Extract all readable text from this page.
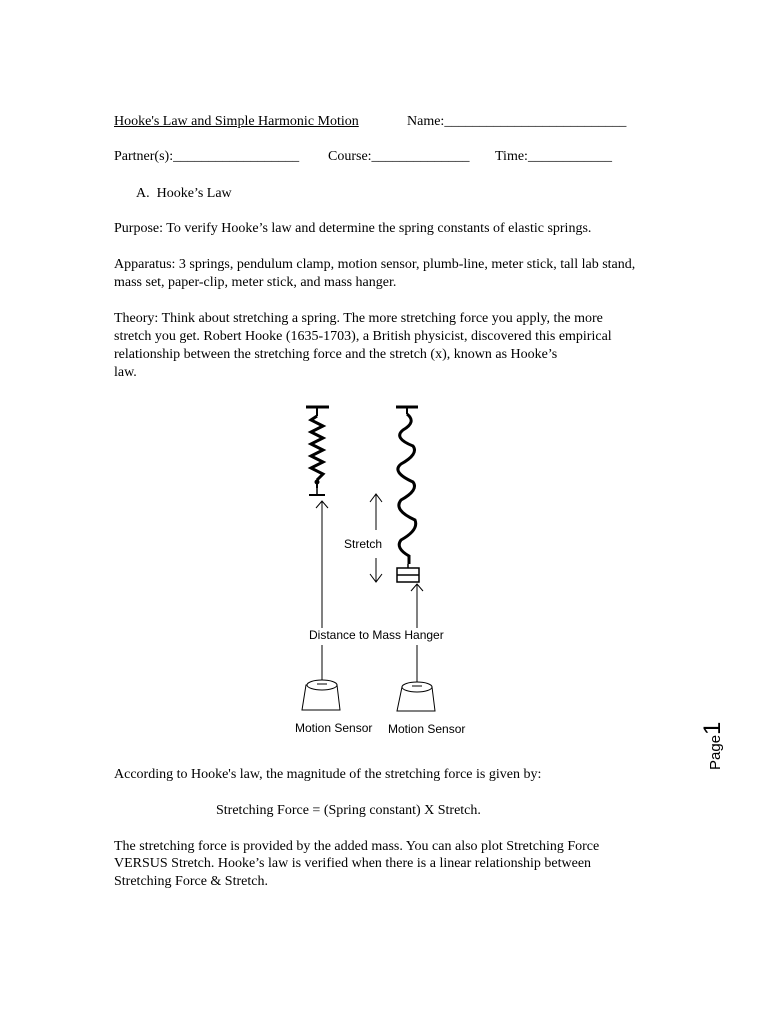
Hooke's Law and Simple Harmonic Motion	Name:__________________________
Partner(s):__________________ Course:______________ Time:____________
A. Hooke’s Law
Purpose: To verify Hooke’s law and determine the spring constants of elastic springs.
Apparatus: 3 springs, pendulum clamp, motion sensor, plumb-line, meter stick, tall lab stand, mass set, paper-clip, meter stick, and mass hanger.
Theory: Think about stretching a spring. The more stretching force you apply, the more
stretch you get. Robert Hooke (1635-1703), a British physicist, discovered this empirical
relationship between the stretching force and the stretch (x), known as Hooke’s
law.
Stretch
Distance to Mass Hanger
Motion Sensor Motion Sensor
Page1
According to Hooke's law, the magnitude of the stretching force is given by:
Stretching Force = (Spring constant) X Stretch.
The stretching force is provided by the added mass. You can also plot Stretching Force
VERSUS Stretch. Hooke’s law is verified when there is a linear relationship between
Stretching Force & Stretch.
